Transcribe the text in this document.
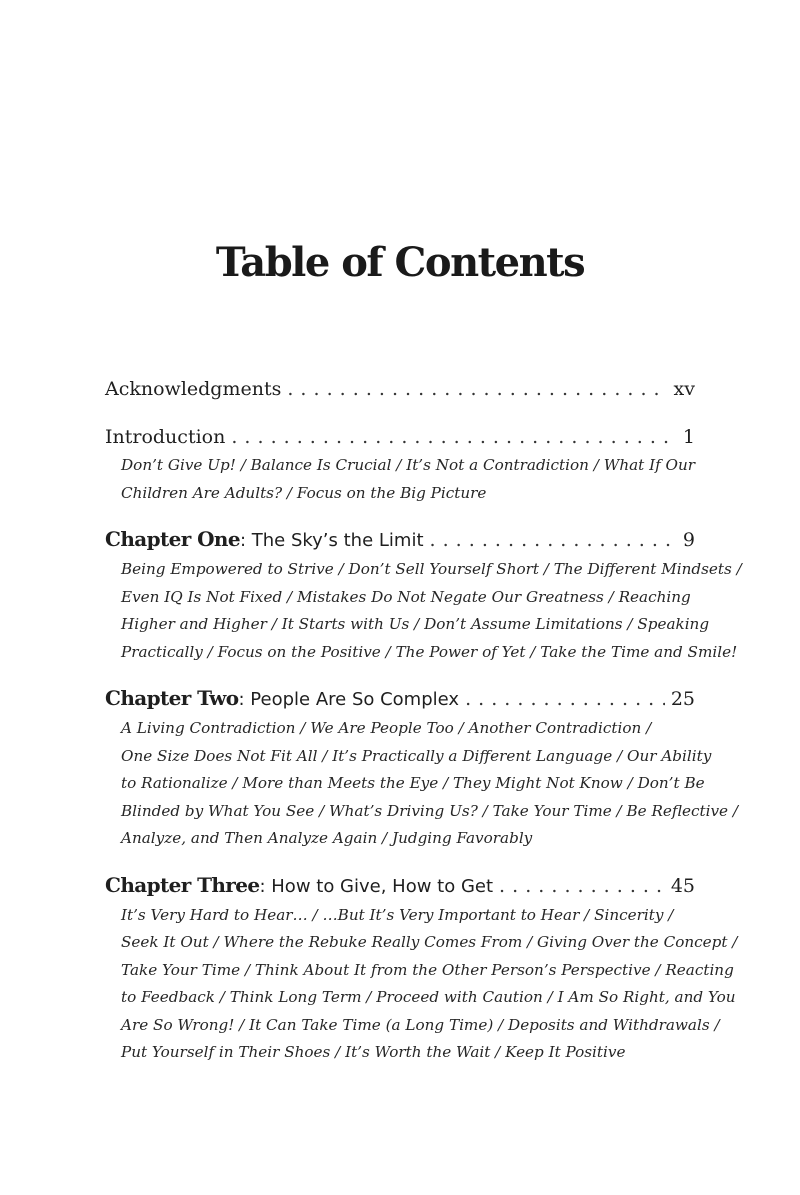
Table of Contents
Acknowledgments . . .	xv
Introduction . . .	1
Don’t Give Up! / Balance Is Crucial / It’s Not a Contradiction / What If Our
Children Are Adults? / Focus on the Big Picture
Chapter One: The Sky’s the Limit . . .	9
Being Empowered to Strive / Don’t Sell Yourself Short / The Different Mindsets /
Even IQ Is Not Fixed / Mistakes Do Not Negate Our Greatness / Reaching
Higher and Higher / It Starts with Us / Don’t Assume Limitations / Speaking
Practically / Focus on the Positive / The Power of Yet / Take the Time and Smile!
Chapter Two: People Are So Complex . . .	25
A Living Contradiction / We Are People Too / Another Contradiction /
One Size Does Not Fit All / It’s Practically a Different Language / Our Ability
to Rationalize / More than Meets the Eye / They Might Not Know / Don’t Be
Blinded by What You See / What’s Driving Us? / Take Your Time / Be Reflective /
Analyze, and Then Analyze Again / Judging Favorably
Chapter Three: How to Give, How to Get . . .	45
It’s Very Hard to Hear… / …But It’s Very Important to Hear / Sincerity /
Seek It Out / Where the Rebuke Really Comes From / Giving Over the Concept /
Take Your Time / Think About It from the Other Person’s Perspective / Reacting
to Feedback / Think Long Term / Proceed with Caution / I Am So Right, and You
Are So Wrong! / It Can Take Time (a Long Time) / Deposits and Withdrawals /
Put Yourself in Their Shoes / It’s Worth the Wait / Keep It Positive
